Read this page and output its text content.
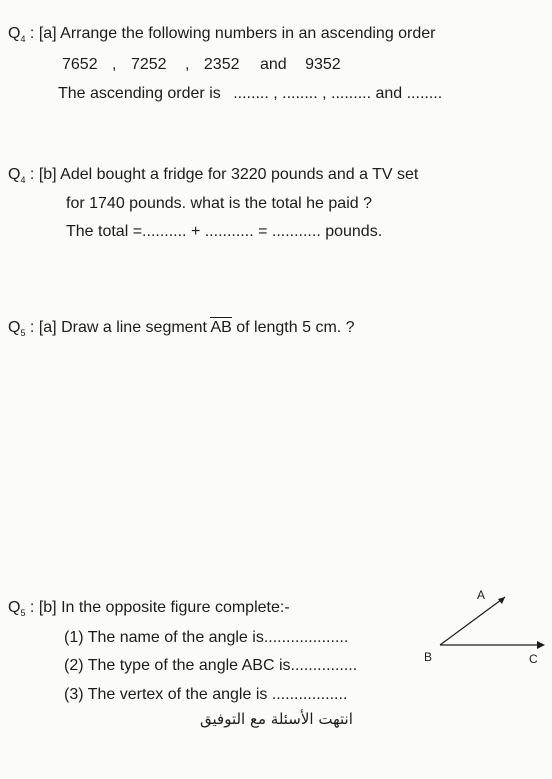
$Q_4$ : [a] Arrange the following numbers in an ascending order
7652 , 7252 , 2352 and 9352
The ascending order is ........ , ........ , ......... and ........
$Q_4$ : [b] Adel bought a fridge for 3220 pounds and a TV set
for 1740 pounds. what is the total he paid ?
The total =.......... + ........... = ........... pounds.
$Q_5$ : [a] Draw a line segment AB of length 5 cm. ?
$Q_5$ : [b] In the opposite figure complete:-
(1) The name of the angle is...................
(2) The type of the angle ABC is...............
(3) The vertex of the angle is .................
A
B	C
انتهت الأسئلة مع التوفيق
